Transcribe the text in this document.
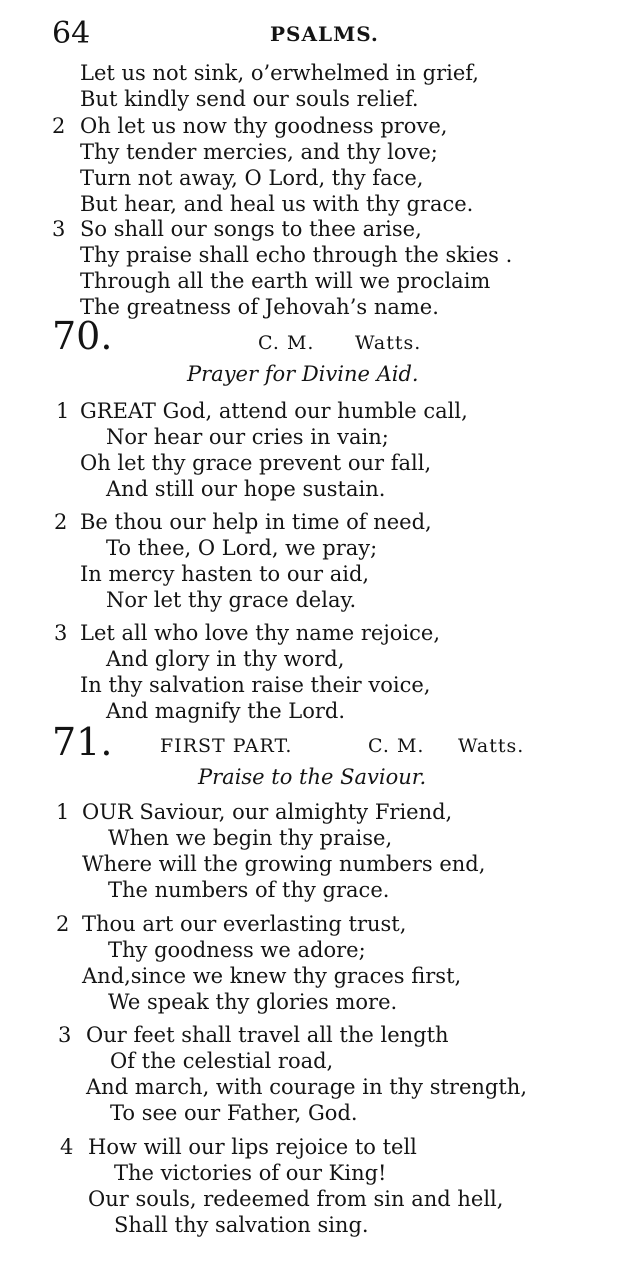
64	PSALMS.
Let us not sink, o’erwhelmed in grief,
But kindly send our souls relief.
2 Oh let us now thy goodness prove,
Thy tender mercies, and thy love;
Turn not away, O Lord, thy face,
But hear, and heal us with thy grace.
3 So shall our songs to thee arise,
Thy praise shall echo through the skies .
Through all the earth will we proclaim
The greatness of Jehovah’s name.
70.	C. M. Watts.
Prayer for Divine Aid.
1 GREAT God, attend our humble call,
Nor hear our cries in vain;
Oh let thy grace prevent our fall,
And still our hope sustain.
2 Be thou our help in time of need,
To thee, O Lord, we pray;
In mercy hasten to our aid,
Nor let thy grace delay.
3 Let all who love thy name rejoice,
And glory in thy word,
In thy salvation raise their voice,
And magnify the Lord.
71.	FIRST PART.	C. M. Watts.
Praise to the Saviour.
1 OUR Saviour, our almighty Friend,
When we begin thy praise,
Where will the growing numbers end,
The numbers of thy grace.
2 Thou art our everlasting trust,
Thy goodness we adore;
And,since we knew thy graces first,
We speak thy glories more.
3 Our feet shall travel all the length
Of the celestial road,
And march, with courage in thy strength,
To see our Father, God.
4 How will our lips rejoice to tell
The victories of our King!
Our souls, redeemed from sin and hell,
Shall thy salvation sing.
